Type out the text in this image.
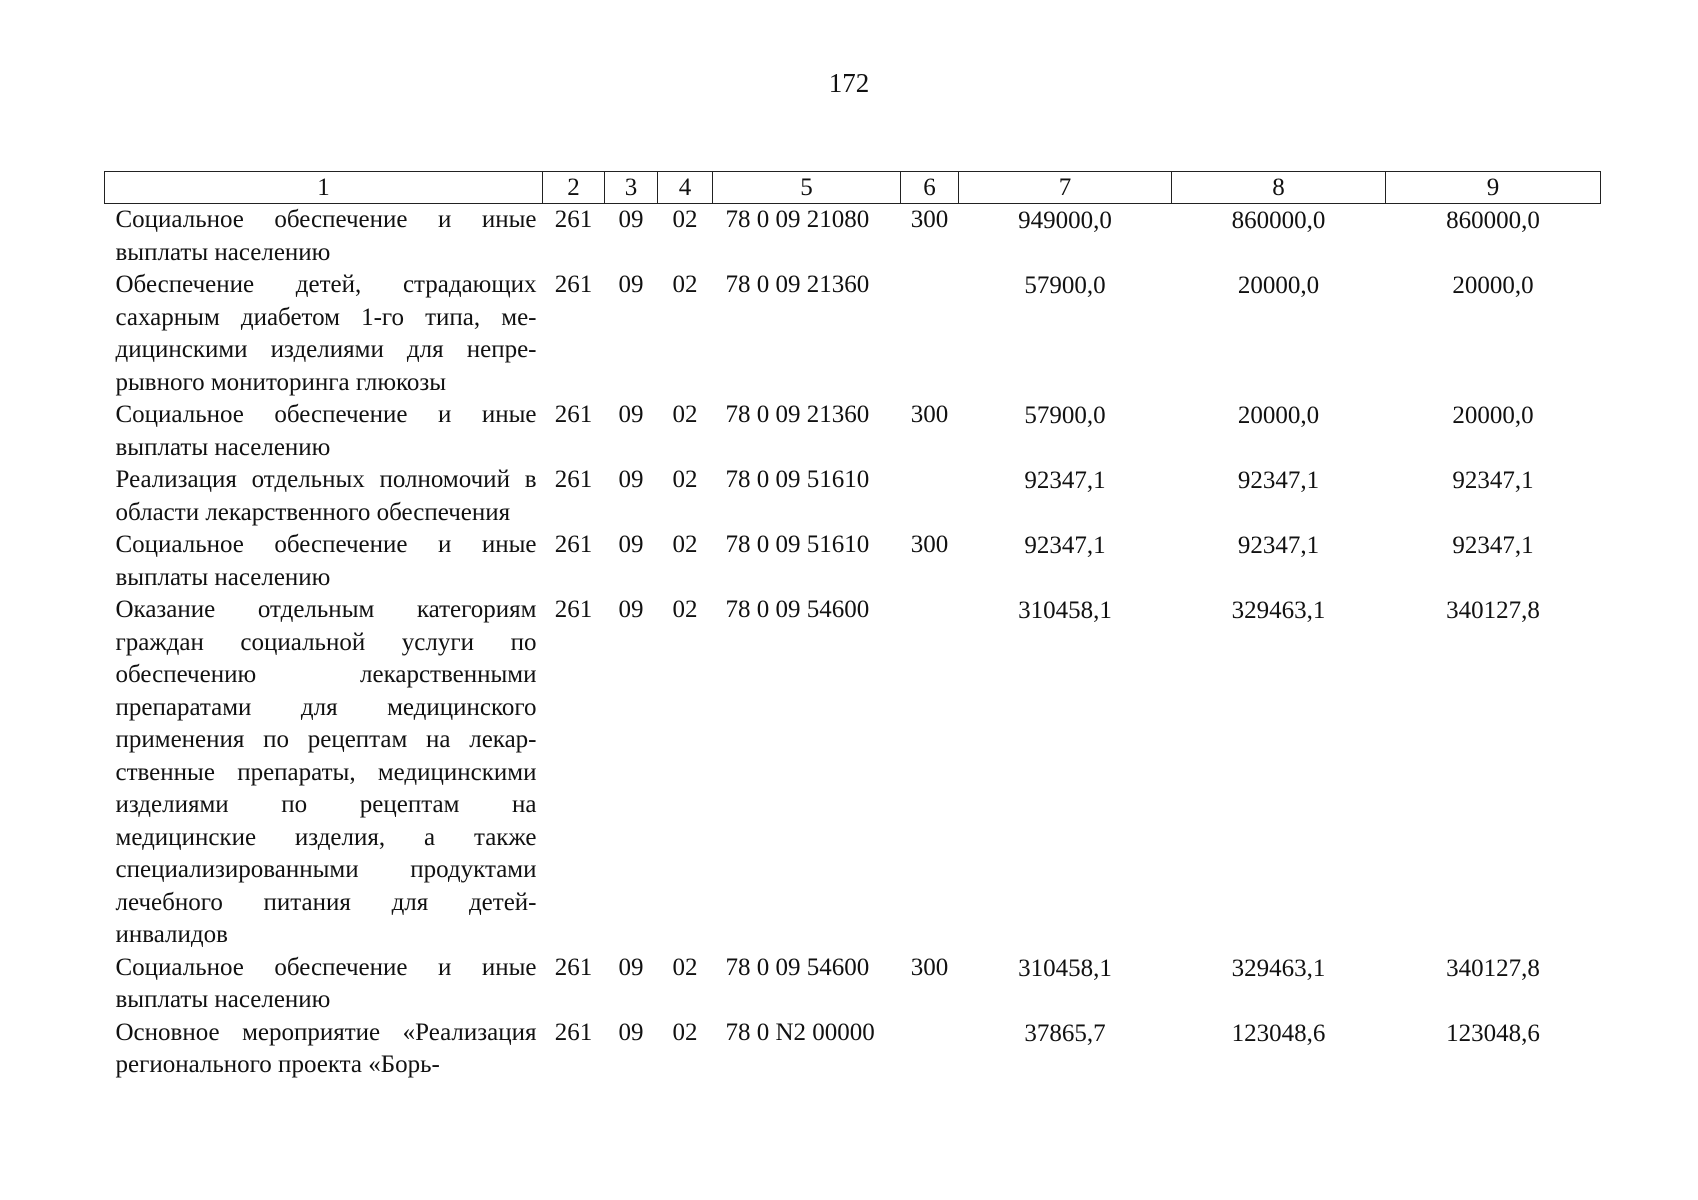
172
1	2	3	4	5	6	7	8	9
Социальное обеспечение и иные выплаты населению	261	09	02	78 0 09 21080	300	949000,0	860000,0	860000,0
Обеспечение детей, страдающих сахарным диабетом 1-го типа, медицинскими изделиями для непрерывного мониторинга глюкозы	261	09	02	78 0 09 21360		57900,0	20000,0	20000,0
Социальное обеспечение и иные выплаты населению	261	09	02	78 0 09 21360	300	57900,0	20000,0	20000,0
Реализация отдельных полномочий в области лекарственного обеспечения	261	09	02	78 0 09 51610		92347,1	92347,1	92347,1
Социальное обеспечение и иные выплаты населению	261	09	02	78 0 09 51610	300	92347,1	92347,1	92347,1
Оказание отдельным категориям граждан социальной услуги по обеспечению лекарственными препаратами для медицинского применения по рецептам на лекарственные препараты, медицинскими изделиями по рецептам на медицинские изделия, а также специализированными продуктами лечебного питания для детей-инвалидов	261	09	02	78 0 09 54600		310458,1	329463,1	340127,8
Социальное обеспечение и иные выплаты населению	261	09	02	78 0 09 54600	300	310458,1	329463,1	340127,8
Основное мероприятие «Реализация регионального проекта «Борь-	261	09	02	78 0 N2 00000		37865,7	123048,6	123048,6
